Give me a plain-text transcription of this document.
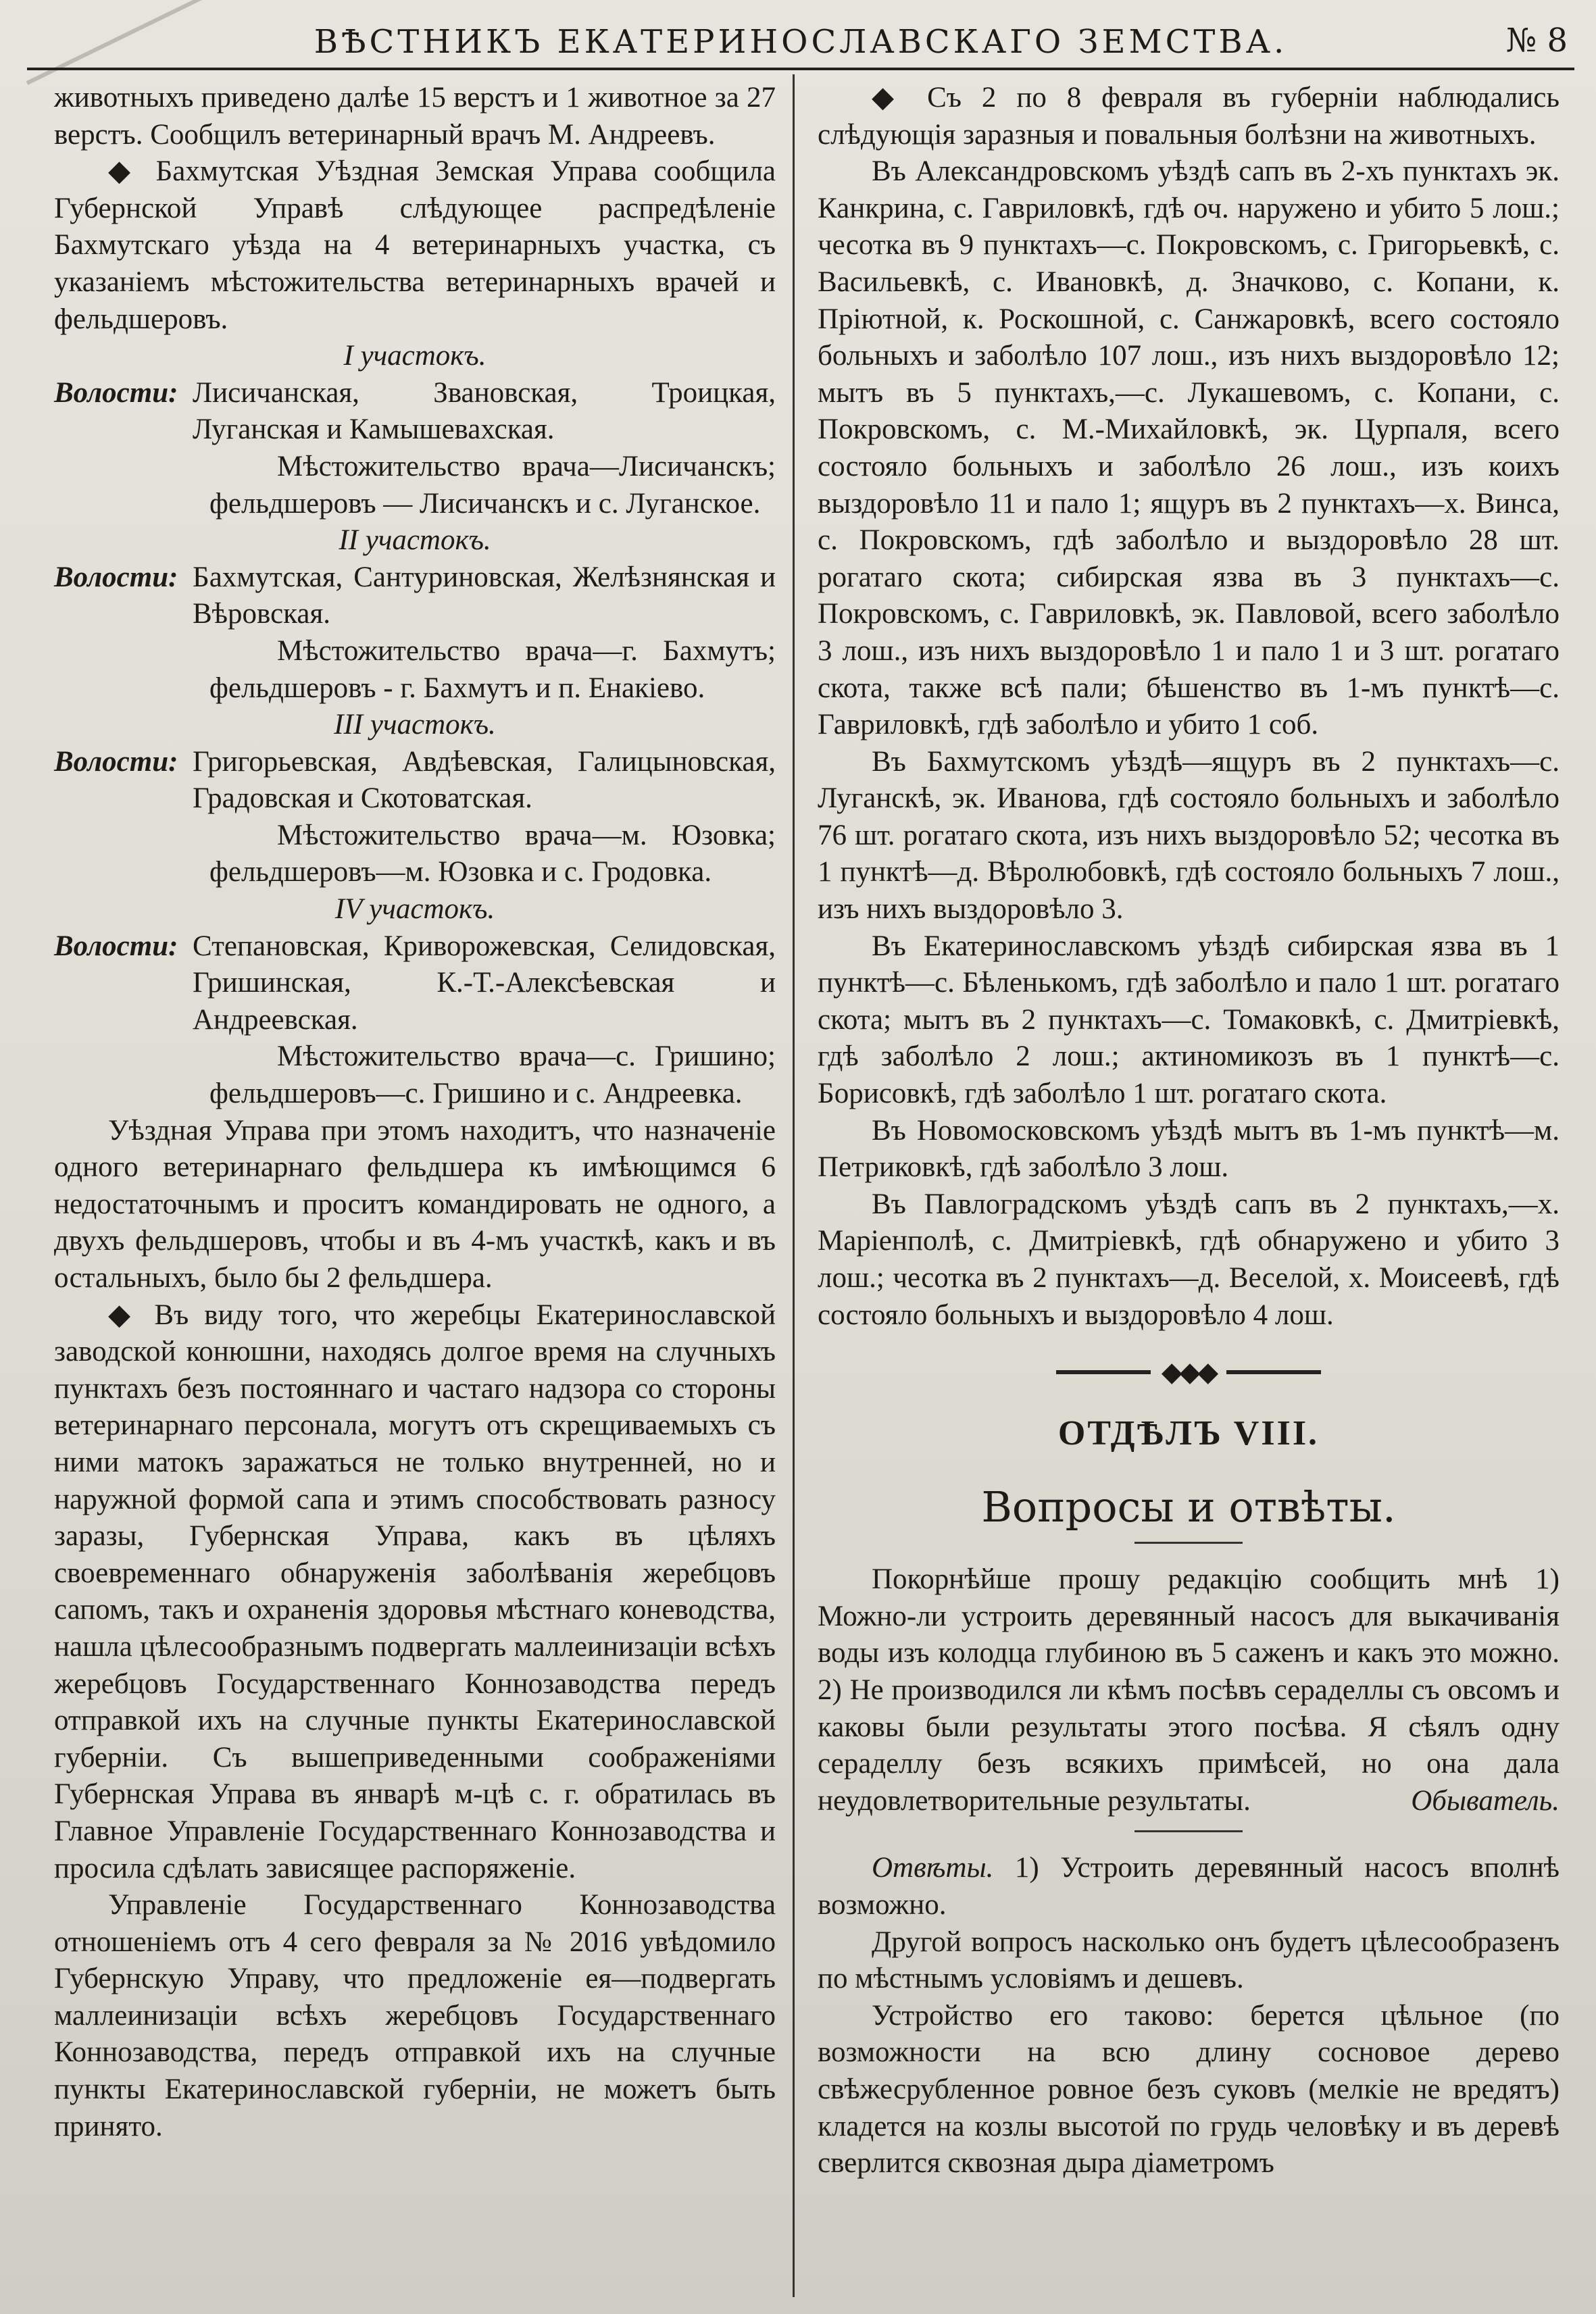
ВѢСТНИКЪ ЕКАТЕРИНОСЛАВСКАГО ЗЕМСТВА.	№ 8

животныхъ приведено далѣе 15 верстъ и 1 животное за 27 верстъ. Сообщилъ ветеринарный врачъ М. Андреевъ.

◆ Бахмутская Уѣздная Земская Управа сообщила Губернской Управѣ слѣдующее распредѣленіе Бахмутскаго уѣзда на 4 ветеринарныхъ участка, съ указаніемъ мѣстожительства ветеринарныхъ врачей и фельдшеровъ.

I участокъ.

Волости: Лисичанская, Звановская, Троицкая, Луганская и Камышевахская.

Мѣстожительство врача—Лисичанскъ; фельдшеровъ — Лисичанскъ и с. Луганское.

II участокъ.

Волости: Бахмутская, Сантуриновская, Желѣзнянская и Вѣровская.

Мѣстожительство врача—г. Бахмутъ; фельдшеровъ - г. Бахмутъ и п. Енакіево.

III участокъ.

Волости: Григорьевская, Авдѣевская, Галицыновская, Градовская и Скотоватская.

Мѣстожительство врача—м. Юзовка; фельдшеровъ—м. Юзовка и с. Гродовка.

IV участокъ.

Волости: Степановская, Криворожевская, Селидовская, Гришинская, К.-Т.-Алексѣевская и Андреевская.

Мѣстожительство врача—с. Гришино; фельдшеровъ—с. Гришино и с. Андреевка.

Уѣздная Управа при этомъ находитъ, что назначеніе одного ветеринарнаго фельдшера къ имѣющимся 6 недостаточнымъ и проситъ командировать не одного, а двухъ фельдшеровъ, чтобы и въ 4-мъ участкѣ, какъ и въ остальныхъ, было бы 2 фельдшера.

◆ Въ виду того, что жеребцы Екатеринославской заводской конюшни, находясь долгое время на случныхъ пунктахъ безъ постояннаго и частаго надзора со стороны ветеринарнаго персонала, могутъ отъ скрещиваемыхъ съ ними матокъ заражаться не только внутренней, но и наружной формой сапа и этимъ способствовать разносу заразы, Губернская Управа, какъ въ цѣляхъ своевременнаго обнаруженія заболѣванія жеребцовъ сапомъ, такъ и охраненія здоровья мѣстнаго коневодства, нашла цѣлесообразнымъ подвергать маллеинизаціи всѣхъ жеребцовъ Государственнаго Коннозаводства передъ отправкой ихъ на случные пункты Екатеринославской губерніи. Съ вышеприведенными соображеніями Губернская Управа въ январѣ м-цѣ с. г. обратилась въ Главное Управленіе Государственнаго Коннозаводства и просила сдѣлать зависящее распоряженіе.

Управленіе Государственнаго Коннозаводства отношеніемъ отъ 4 сего февраля за № 2016 увѣдомило Губернскую Управу, что предложеніе ея—подвергать маллеинизаціи всѣхъ жеребцовъ Государственнаго Коннозаводства, передъ отправкой ихъ на случные пункты Екатеринославской губерніи, не можетъ быть принято.

◆ Съ 2 по 8 февраля въ губерніи наблюдались слѣдующія заразныя и повальныя болѣзни на животныхъ.

Въ Александровскомъ уѣздѣ сапъ въ 2-хъ пунктахъ эк. Канкрина, с. Гавриловкѣ, гдѣ оч. наружено и убито 5 лош.; чесотка въ 9 пунктахъ—с. Покровскомъ, с. Григорьевкѣ, с. Васильевкѣ, с. Ивановкѣ, д. Значково, с. Копани, к. Пріютной, к. Роскошной, с. Санжаровкѣ, всего состояло больныхъ и заболѣло 107 лош., изъ нихъ выздоровѣло 12; мытъ въ 5 пунктахъ,—с. Лукашевомъ, с. Копани, с. Покровскомъ, с. М.-Михайловкѣ, эк. Цурпаля, всего состояло больныхъ и заболѣло 26 лош., изъ коихъ выздоровѣло 11 и пало 1; ящуръ въ 2 пунктахъ—х. Винса, с. Покровскомъ, гдѣ заболѣло и выздоровѣло 28 шт. рогатаго скота; сибирская язва въ 3 пунктахъ—с. Покровскомъ, с. Гавриловкѣ, эк. Павловой, всего заболѣло 3 лош., изъ нихъ выздоровѣло 1 и пало 1 и 3 шт. рогатаго скота, также всѣ пали; бѣшенство въ 1-мъ пунктѣ—с. Гавриловкѣ, гдѣ заболѣло и убито 1 соб.

Въ Бахмутскомъ уѣздѣ—ящуръ въ 2 пунктахъ—с. Луганскѣ, эк. Иванова, гдѣ состояло больныхъ и заболѣло 76 шт. рогатаго скота, изъ нихъ выздоровѣло 52; чесотка въ 1 пунктѣ—д. Вѣролюбовкѣ, гдѣ состояло больныхъ 7 лош., изъ нихъ выздоровѣло 3.

Въ Екатеринославскомъ уѣздѣ сибирская язва въ 1 пунктѣ—с. Бѣленькомъ, гдѣ заболѣло и пало 1 шт. рогатаго скота; мытъ въ 2 пунктахъ—с. Томаковкѣ, с. Дмитріевкѣ, гдѣ заболѣло 2 лош.; актиномикозъ въ 1 пунктѣ—с. Борисовкѣ, гдѣ заболѣло 1 шт. рогатаго скота.

Въ Новомосковскомъ уѣздѣ мытъ въ 1-мъ пунктѣ—м. Петриковкѣ, гдѣ заболѣло 3 лош.

Въ Павлоградскомъ уѣздѣ сапъ въ 2 пунктахъ,—х. Маріенполѣ, с. Дмитріевкѣ, гдѣ обнаружено и убито 3 лош.; чесотка въ 2 пунктахъ—д. Веселой, х. Моисеевѣ, гдѣ состояло больныхъ и выздоровѣло 4 лош.

◆◆◆
ОТДѢЛЪ VIII.
Вопросы и отвѣты.

Покорнѣйше прошу редакцію сообщить мнѣ 1) Можно-ли устроить деревянный насосъ для выкачиванія воды изъ колодца глубиною въ 5 саженъ и какъ это можно. 2) Не производился ли кѣмъ посѣвъ сераделлы съ овсомъ и каковы были результаты этого посѣва. Я сѣялъ одну сераделлу безъ всякихъ примѣсей, но она дала неудовлетворительные результаты.	Обыватель.

Отвѣты. 1) Устроить деревянный насосъ вполнѣ возможно.

Другой вопросъ насколько онъ будетъ цѣлесообразенъ по мѣстнымъ условіямъ и дешевъ.

Устройство его таково: берется цѣльное (по возможности на всю длину сосновое дерево свѣжесрубленное ровное безъ суковъ (мелкіе не вредятъ) кладется на козлы высотой по грудь человѣку и въ деревѣ сверлится сквозная дыра діаметромъ
